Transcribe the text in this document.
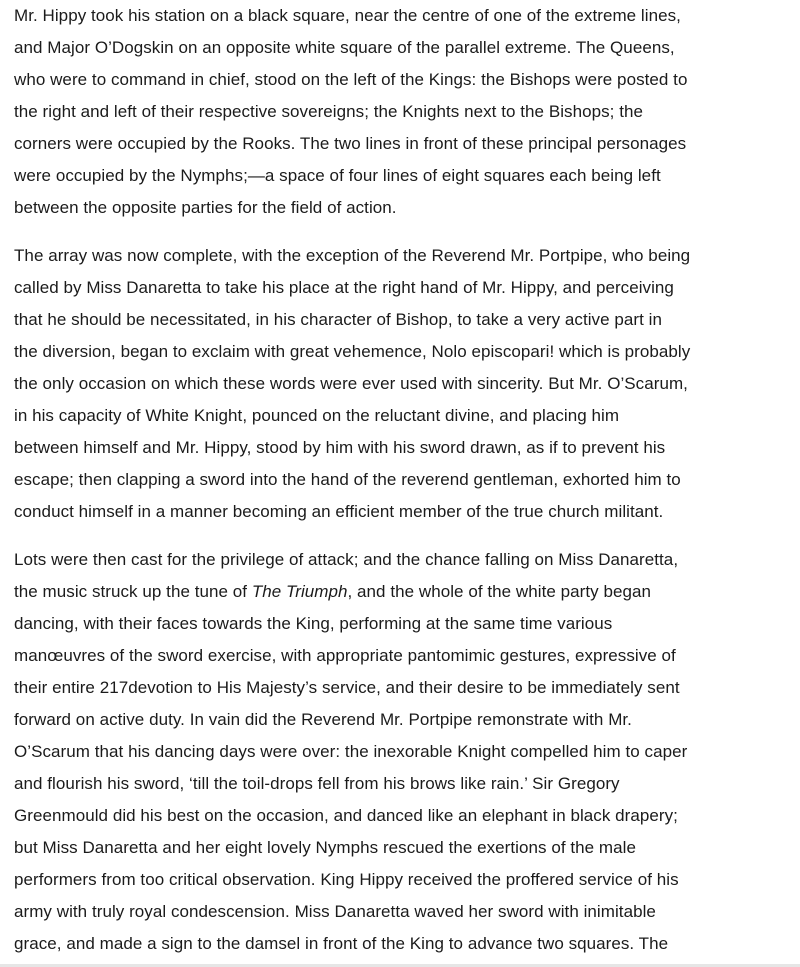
Mr. Hippy took his station on a black square, near the centre of one of the extreme lines,
and Major O’Dogskin on an opposite white square of the parallel extreme. The Queens,
who were to command in chief, stood on the left of the Kings: the Bishops were posted to
the right and left of their respective sovereigns; the Knights next to the Bishops; the
corners were occupied by the Rooks. The two lines in front of these principal personages
were occupied by the Nymphs;—a space of four lines of eight squares each being left
between the opposite parties for the field of action.

The array was now complete, with the exception of the Reverend Mr. Portpipe, who being
called by Miss Danaretta to take his place at the right hand of Mr. Hippy, and perceiving
that he should be necessitated, in his character of Bishop, to take a very active part in
the diversion, began to exclaim with great vehemence, Nolo episcopari! which is probably
the only occasion on which these words were ever used with sincerity. But Mr. O’Scarum,
in his capacity of White Knight, pounced on the reluctant divine, and placing him
between himself and Mr. Hippy, stood by him with his sword drawn, as if to prevent his
escape; then clapping a sword into the hand of the reverend gentleman, exhorted him to
conduct himself in a manner becoming an efficient member of the true church militant.

Lots were then cast for the privilege of attack; and the chance falling on Miss Danaretta,
the music struck up the tune of The Triumph, and the whole of the white party began
dancing, with their faces towards the King, performing at the same time various
manœuvres of the sword exercise, with appropriate pantomimic gestures, expressive of
their entire 217devotion to His Majesty’s service, and their desire to be immediately sent
forward on active duty. In vain did the Reverend Mr. Portpipe remonstrate with Mr.
O’Scarum that his dancing days were over: the inexorable Knight compelled him to caper
and flourish his sword, ‘till the toil-drops fell from his brows like rain.’ Sir Gregory
Greenmould did his best on the occasion, and danced like an elephant in black drapery;
but Miss Danaretta and her eight lovely Nymphs rescued the exertions of the male
performers from too critical observation. King Hippy received the proffered service of his
army with truly royal condescension. Miss Danaretta waved her sword with inimitable
grace, and made a sign to the damsel in front of the King to advance two squares. The
